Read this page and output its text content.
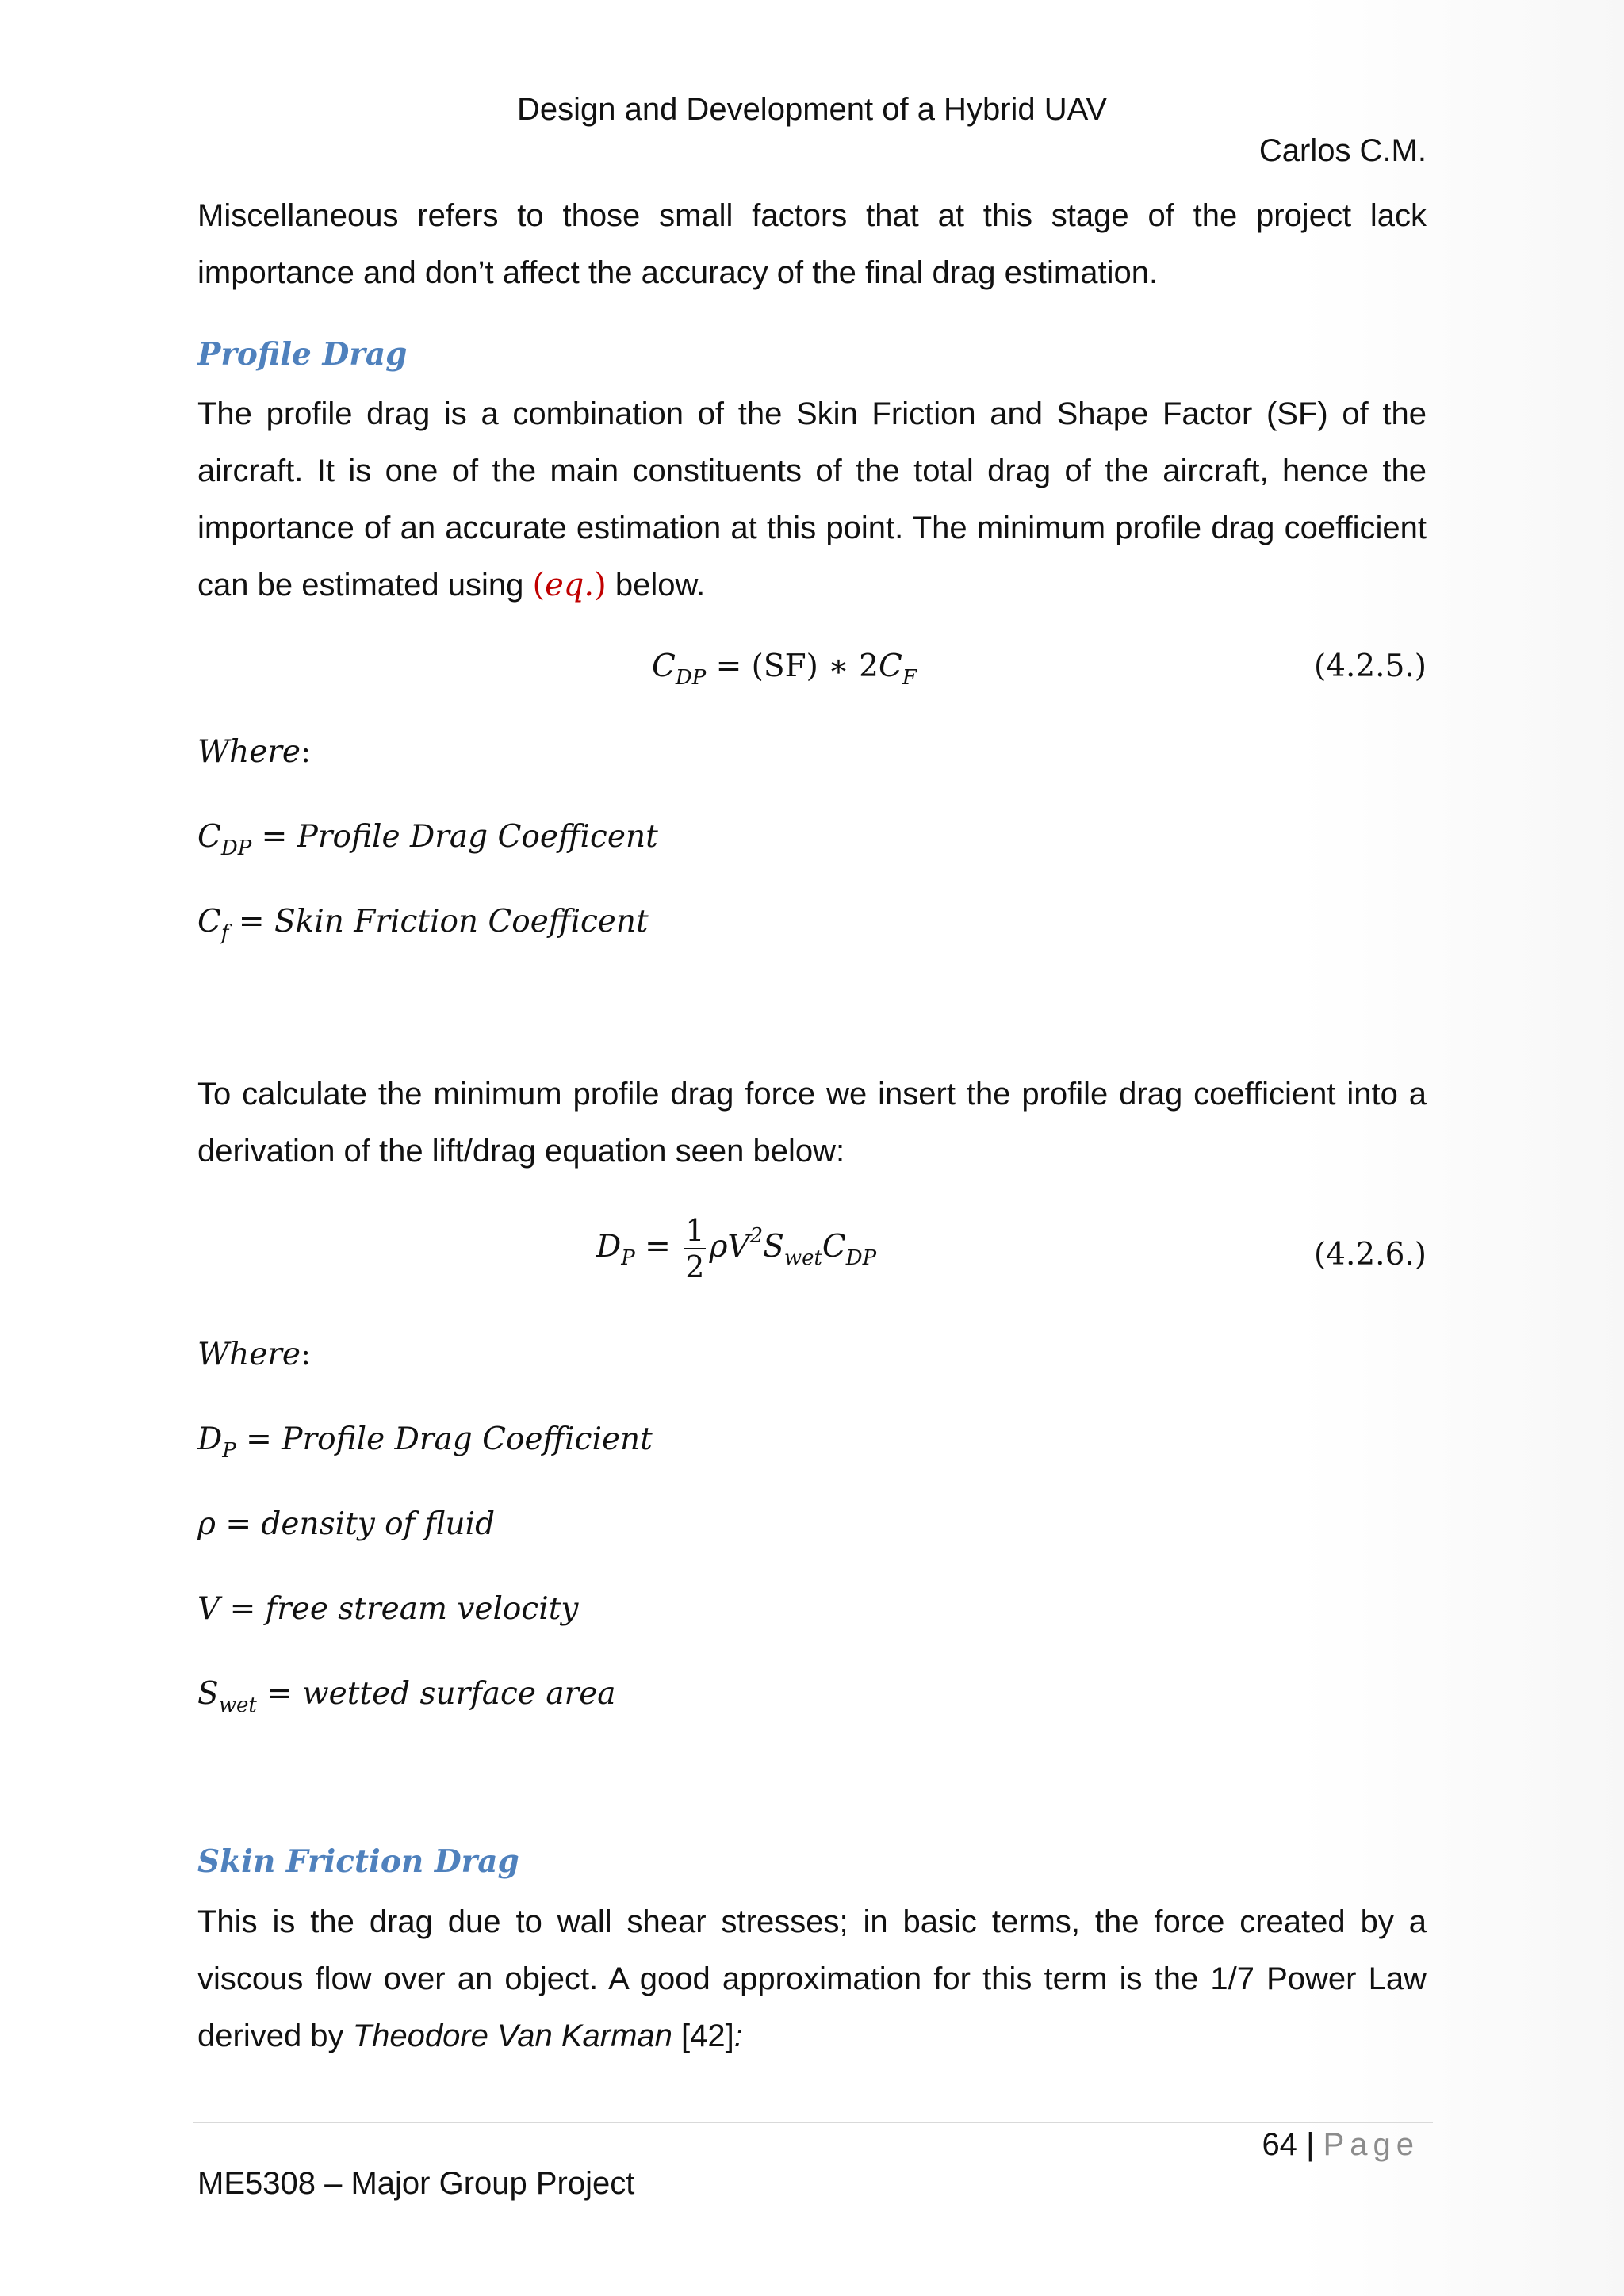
Design and Development of a Hybrid UAV
Carlos C.M.

Miscellaneous refers to those small factors that at this stage of the project lack importance and don’t affect the accuracy of the final drag estimation.

Profile Drag

The profile drag is a combination of the Skin Friction and Shape Factor (SF) of the aircraft. It is one of the main constituents of the total drag of the aircraft, hence the importance of an accurate estimation at this point. The minimum profile drag coefficient can be estimated using (eq.) below.

$C_{DP} = (SF)$ ∗ $2C_F$	(4.2.5.)
Where:
$C_{DP}$ = Profile Drag Coefficent
$C_f$ = Skin Friction Coefficent

To calculate the minimum profile drag force we insert the profile drag coefficient into a derivation of the lift/drag equation seen below:

$D_P = \frac{1}{2} \rho V^2S_{wet}C_{DP}$	(4.2.6.)
Where:
$D_P$ = Profile Drag Coefficient
ρ = density of fluid
V = free stream velocity
$S_{wet}$ = wetted surface area
Skin Friction Drag

This is the drag due to wall shear stresses; in basic terms, the force created by a viscous flow over an object. A good approximation for this term is the 1/7 Power Law derived by Theodore Van Karman [42]:

64 | Page
ME5308 – Major Group Project
